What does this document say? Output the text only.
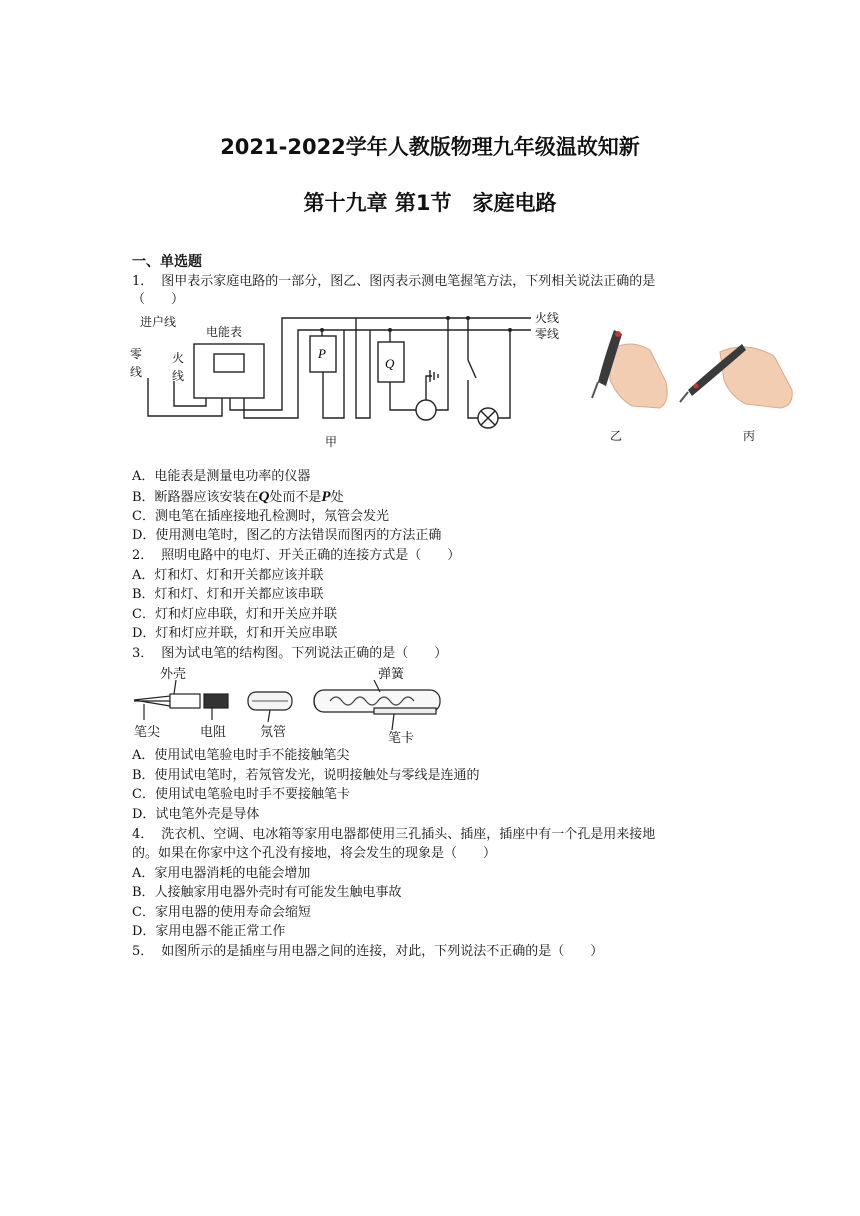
2021-2022学年人教版物理九年级温故知新
第十九章 第1节　家庭电路
一、单选题
1． 图甲表示家庭电路的一部分，图乙、图丙表示测电笔握笔方法，下列相关说法正确的是
（　　）
进户线
电能表
零
线
火
线
P
Q
火线
零线
甲	乙	丙
A．电能表是测量电功率的仪器
B．断路器应该安装在Q处而不是P处
C．测电笔在插座接地孔检测时，氖管会发光
D．使用测电笔时，图乙的方法错误而图丙的方法正确
2． 照明电路中的电灯、开关正确的连接方式是（　　）
A．灯和灯、灯和开关都应该并联
B．灯和灯、灯和开关都应该串联
C．灯和灯应串联，灯和开关应并联
D．灯和灯应并联，灯和开关应串联
3． 图为试电笔的结构图。下列说法正确的是（　　）
外壳
笔尖	电阻	氖管
弹簧
笔卡
A．使用试电笔验电时手不能接触笔尖
B．使用试电笔时，若氖管发光，说明接触处与零线是连通的
C．使用试电笔验电时手不要接触笔卡
D．试电笔外壳是导体
4． 洗衣机、空调、电冰箱等家用电器都使用三孔插头、插座，插座中有一个孔是用来接地
的。如果在你家中这个孔没有接地，将会发生的现象是（　　）
A．家用电器消耗的电能会增加
B．人接触家用电器外壳时有可能发生触电事故
C．家用电器的使用寿命会缩短
D．家用电器不能正常工作
5． 如图所示的是插座与用电器之间的连接，对此，下列说法不正确的是（　　）
